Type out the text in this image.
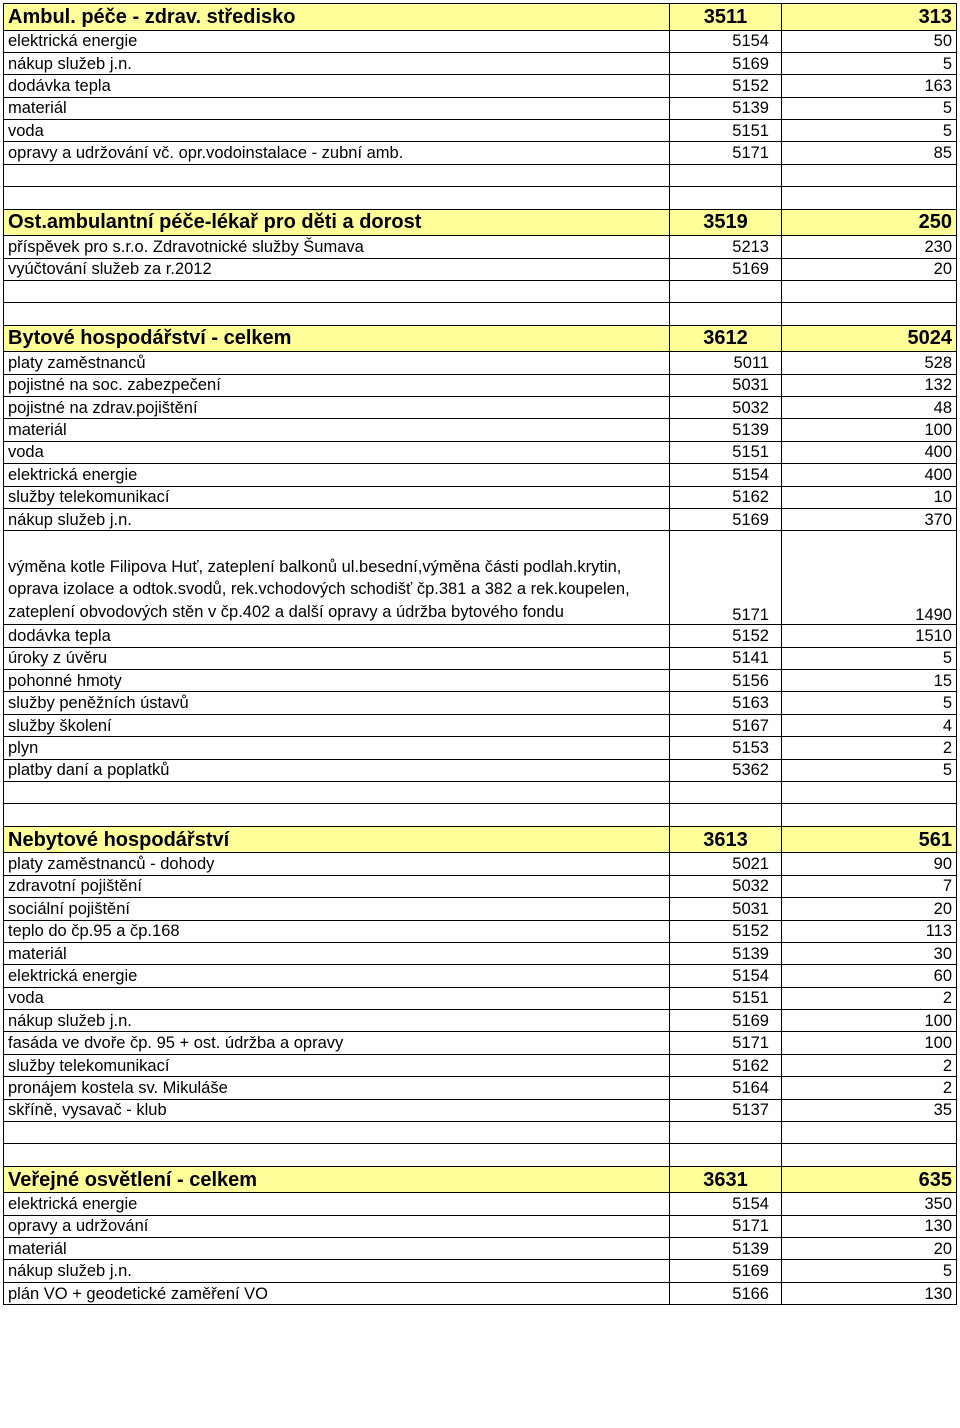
Ambul. péče - zdrav. středisko	3511	313
elektrická energie	5154	50
nákup služeb j.n.	5169	5
dodávka tepla	5152	163
materiál	5139	5
voda	5151	5
opravy a udržování vč. opr.vodoinstalace - zubní amb.	5171	85

Ost.ambulantní péče-lékař pro děti a dorost	3519	250
příspěvek pro s.r.o. Zdravotnické služby Šumava	5213	230
vyúčtování služeb za r.2012	5169	20

Bytové hospodářství - celkem	3612	5024
platy zaměstnanců	5011	528
pojistné na soc. zabezpečení	5031	132
pojistné na zdrav.pojištění	5032	48
materiál	5139	100
voda	5151	400
elektrická energie	5154	400
služby telekomunikací	5162	10
nákup služeb j.n.	5169	370
výměna kotle Filipova Huť, zateplení balkonů ul.besední,výměna části podlah.krytin, oprava izolace a odtok.svodů, rek.vchodových schodišť čp.381 a 382 a rek.koupelen, zateplení obvodových stěn v čp.402 a další opravy a údržba bytového fondu	5171	1490
dodávka tepla	5152	1510
úroky z úvěru	5141	5
pohonné hmoty	5156	15
služby peněžních ústavů	5163	5
služby školení	5167	4
plyn	5153	2
platby daní a poplatků	5362	5

Nebytové hospodářství	3613	561
platy zaměstnanců - dohody	5021	90
zdravotní pojištění	5032	7
sociální pojištění	5031	20
teplo do čp.95 a čp.168	5152	113
materiál	5139	30
elektrická energie	5154	60
voda	5151	2
nákup služeb j.n.	5169	100
fasáda ve dvoře čp. 95 + ost. údržba a opravy	5171	100
služby telekomunikací	5162	2
pronájem kostela sv. Mikuláše	5164	2
skříně, vysavač - klub	5137	35

Veřejné osvětlení - celkem	3631	635
elektrická energie	5154	350
opravy a udržování	5171	130
materiál	5139	20
nákup služeb j.n.	5169	5
plán VO + geodetické zaměření VO	5166	130
